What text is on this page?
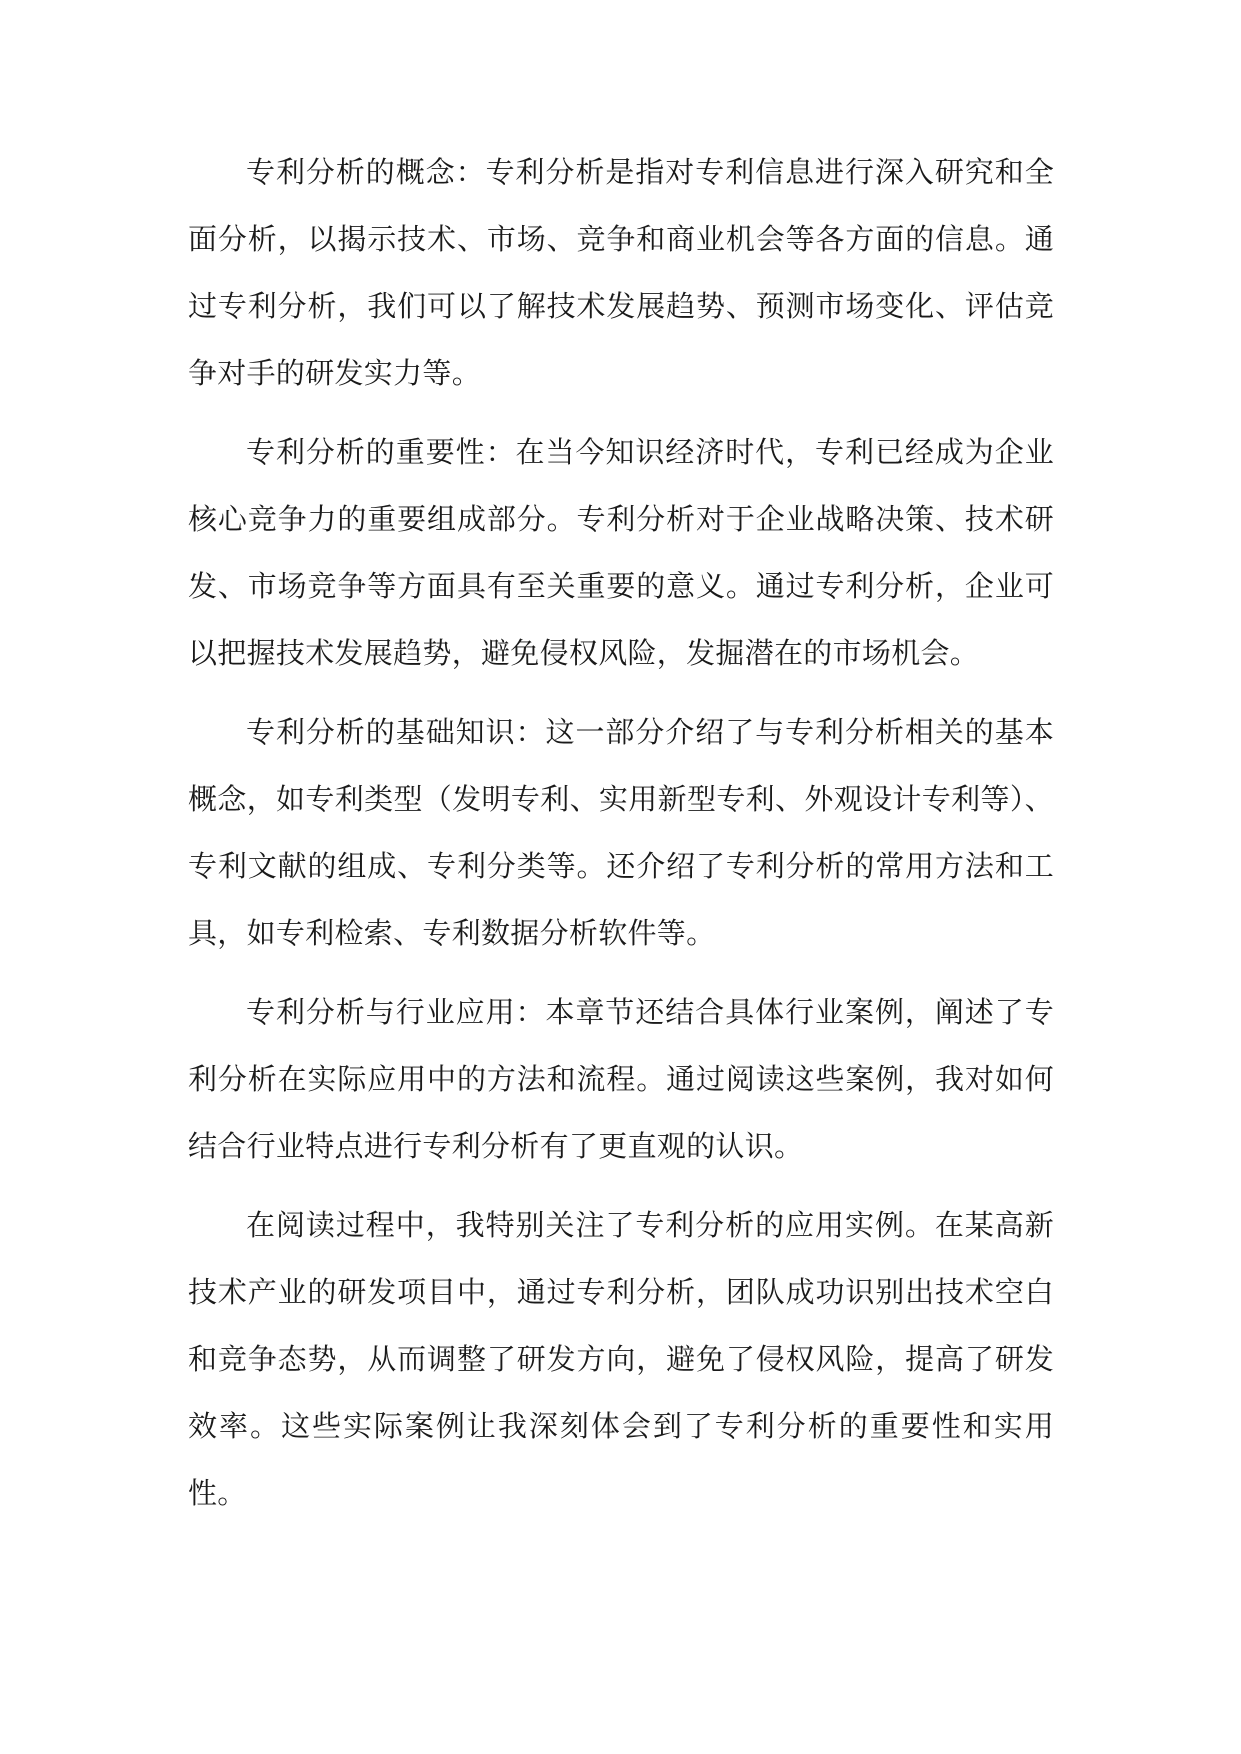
专利分析的概念：专利分析是指对专利信息进行深入研究和全面分析，以揭示技术、市场、竞争和商业机会等各方面的信息。通过专利分析，我们可以了解技术发展趋势、预测市场变化、评估竞争对手的研发实力等。

专利分析的重要性：在当今知识经济时代，专利已经成为企业核心竞争力的重要组成部分。专利分析对于企业战略决策、技术研发、市场竞争等方面具有至关重要的意义。通过专利分析，企业可以把握技术发展趋势，避免侵权风险，发掘潜在的市场机会。

专利分析的基础知识：这一部分介绍了与专利分析相关的基本概念，如专利类型（发明专利、实用新型专利、外观设计专利等）、专利文献的组成、专利分类等。还介绍了专利分析的常用方法和工具，如专利检索、专利数据分析软件等。

专利分析与行业应用：本章节还结合具体行业案例，阐述了专利分析在实际应用中的方法和流程。通过阅读这些案例，我对如何结合行业特点进行专利分析有了更直观的认识。

在阅读过程中，我特别关注了专利分析的应用实例。在某高新技术产业的研发项目中，通过专利分析，团队成功识别出技术空白和竞争态势，从而调整了研发方向，避免了侵权风险，提高了研发效率。这些实际案例让我深刻体会到了专利分析的重要性和实用性。
